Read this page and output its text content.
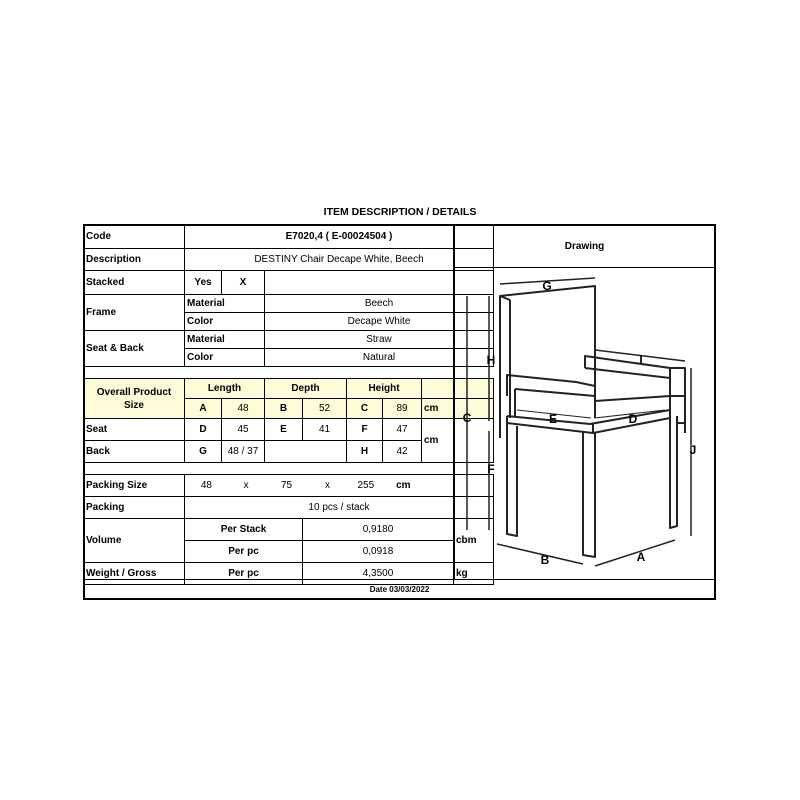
ITEM DESCRIPTION / DETAILS
Code	E7020,4 ( E-00024504 )							
Description	DESTINY Chair Decape White, Beech							
Stacked	Yes	X						
Frame	Material		Beech					
	Color		Decape White					
Seat & Back	Material		Straw					
	Color		Natural					

Overall Product Size	Length		Depth		Height			
	A	48	B	52	C	89	cm	
Seat	D	45	E	41	F	47	cm	
Back	G	48 / 37			H	42		

Packing Size	48 x		75 x		255 cm			

Packing	10 pcs / stack							
Volume	Per Stack			0,9180				cbm
	Per pc			0,0918				
Weight / Gross	Per pc			4,3500				kg
Drawing
G
H	I
C	E	D
F
J
B	A
Date 03/03/2022
